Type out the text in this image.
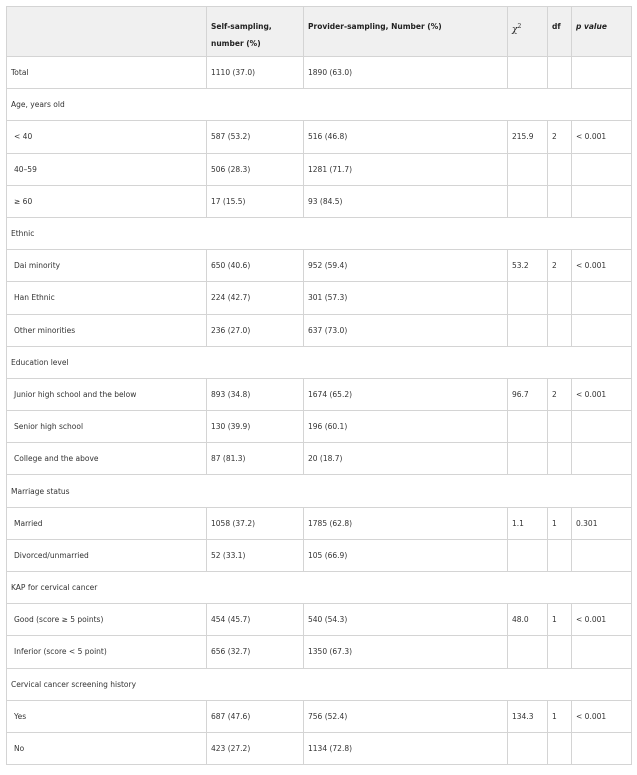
	Self-sampling, number (%)	Provider-sampling, Number (%)	$\chi^2$	df	p value
Total	1110 (37.0)	1890 (63.0)			
Age, years old					
< 40	587 (53.2)	516 (46.8)	215.9	2	< 0.001
40–59	506 (28.3)	1281 (71.7)			
≥ 60	17 (15.5)	93 (84.5)			
Ethnic					
Dai minority	650 (40.6)	952 (59.4)	53.2	2	< 0.001
Han Ethnic	224 (42.7)	301 (57.3)			
Other minorities	236 (27.0)	637 (73.0)			
Education level					
Junior high school and the below	893 (34.8)	1674 (65.2)	96.7	2	< 0.001
Senior high school	130 (39.9)	196 (60.1)			
College and the above	87 (81.3)	20 (18.7)			
Marriage status					
Married	1058 (37.2)	1785 (62.8)	1.1	1	0.301
Divorced/unmarried	52 (33.1)	105 (66.9)			
KAP for cervical cancer					
Good (score ≥ 5 points)	454 (45.7)	540 (54.3)	48.0	1	< 0.001
Inferior (score < 5 point)	656 (32.7)	1350 (67.3)			
Cervical cancer screening history					
Yes	687 (47.6)	756 (52.4)	134.3	1	< 0.001
No	423 (27.2)	1134 (72.8)			
